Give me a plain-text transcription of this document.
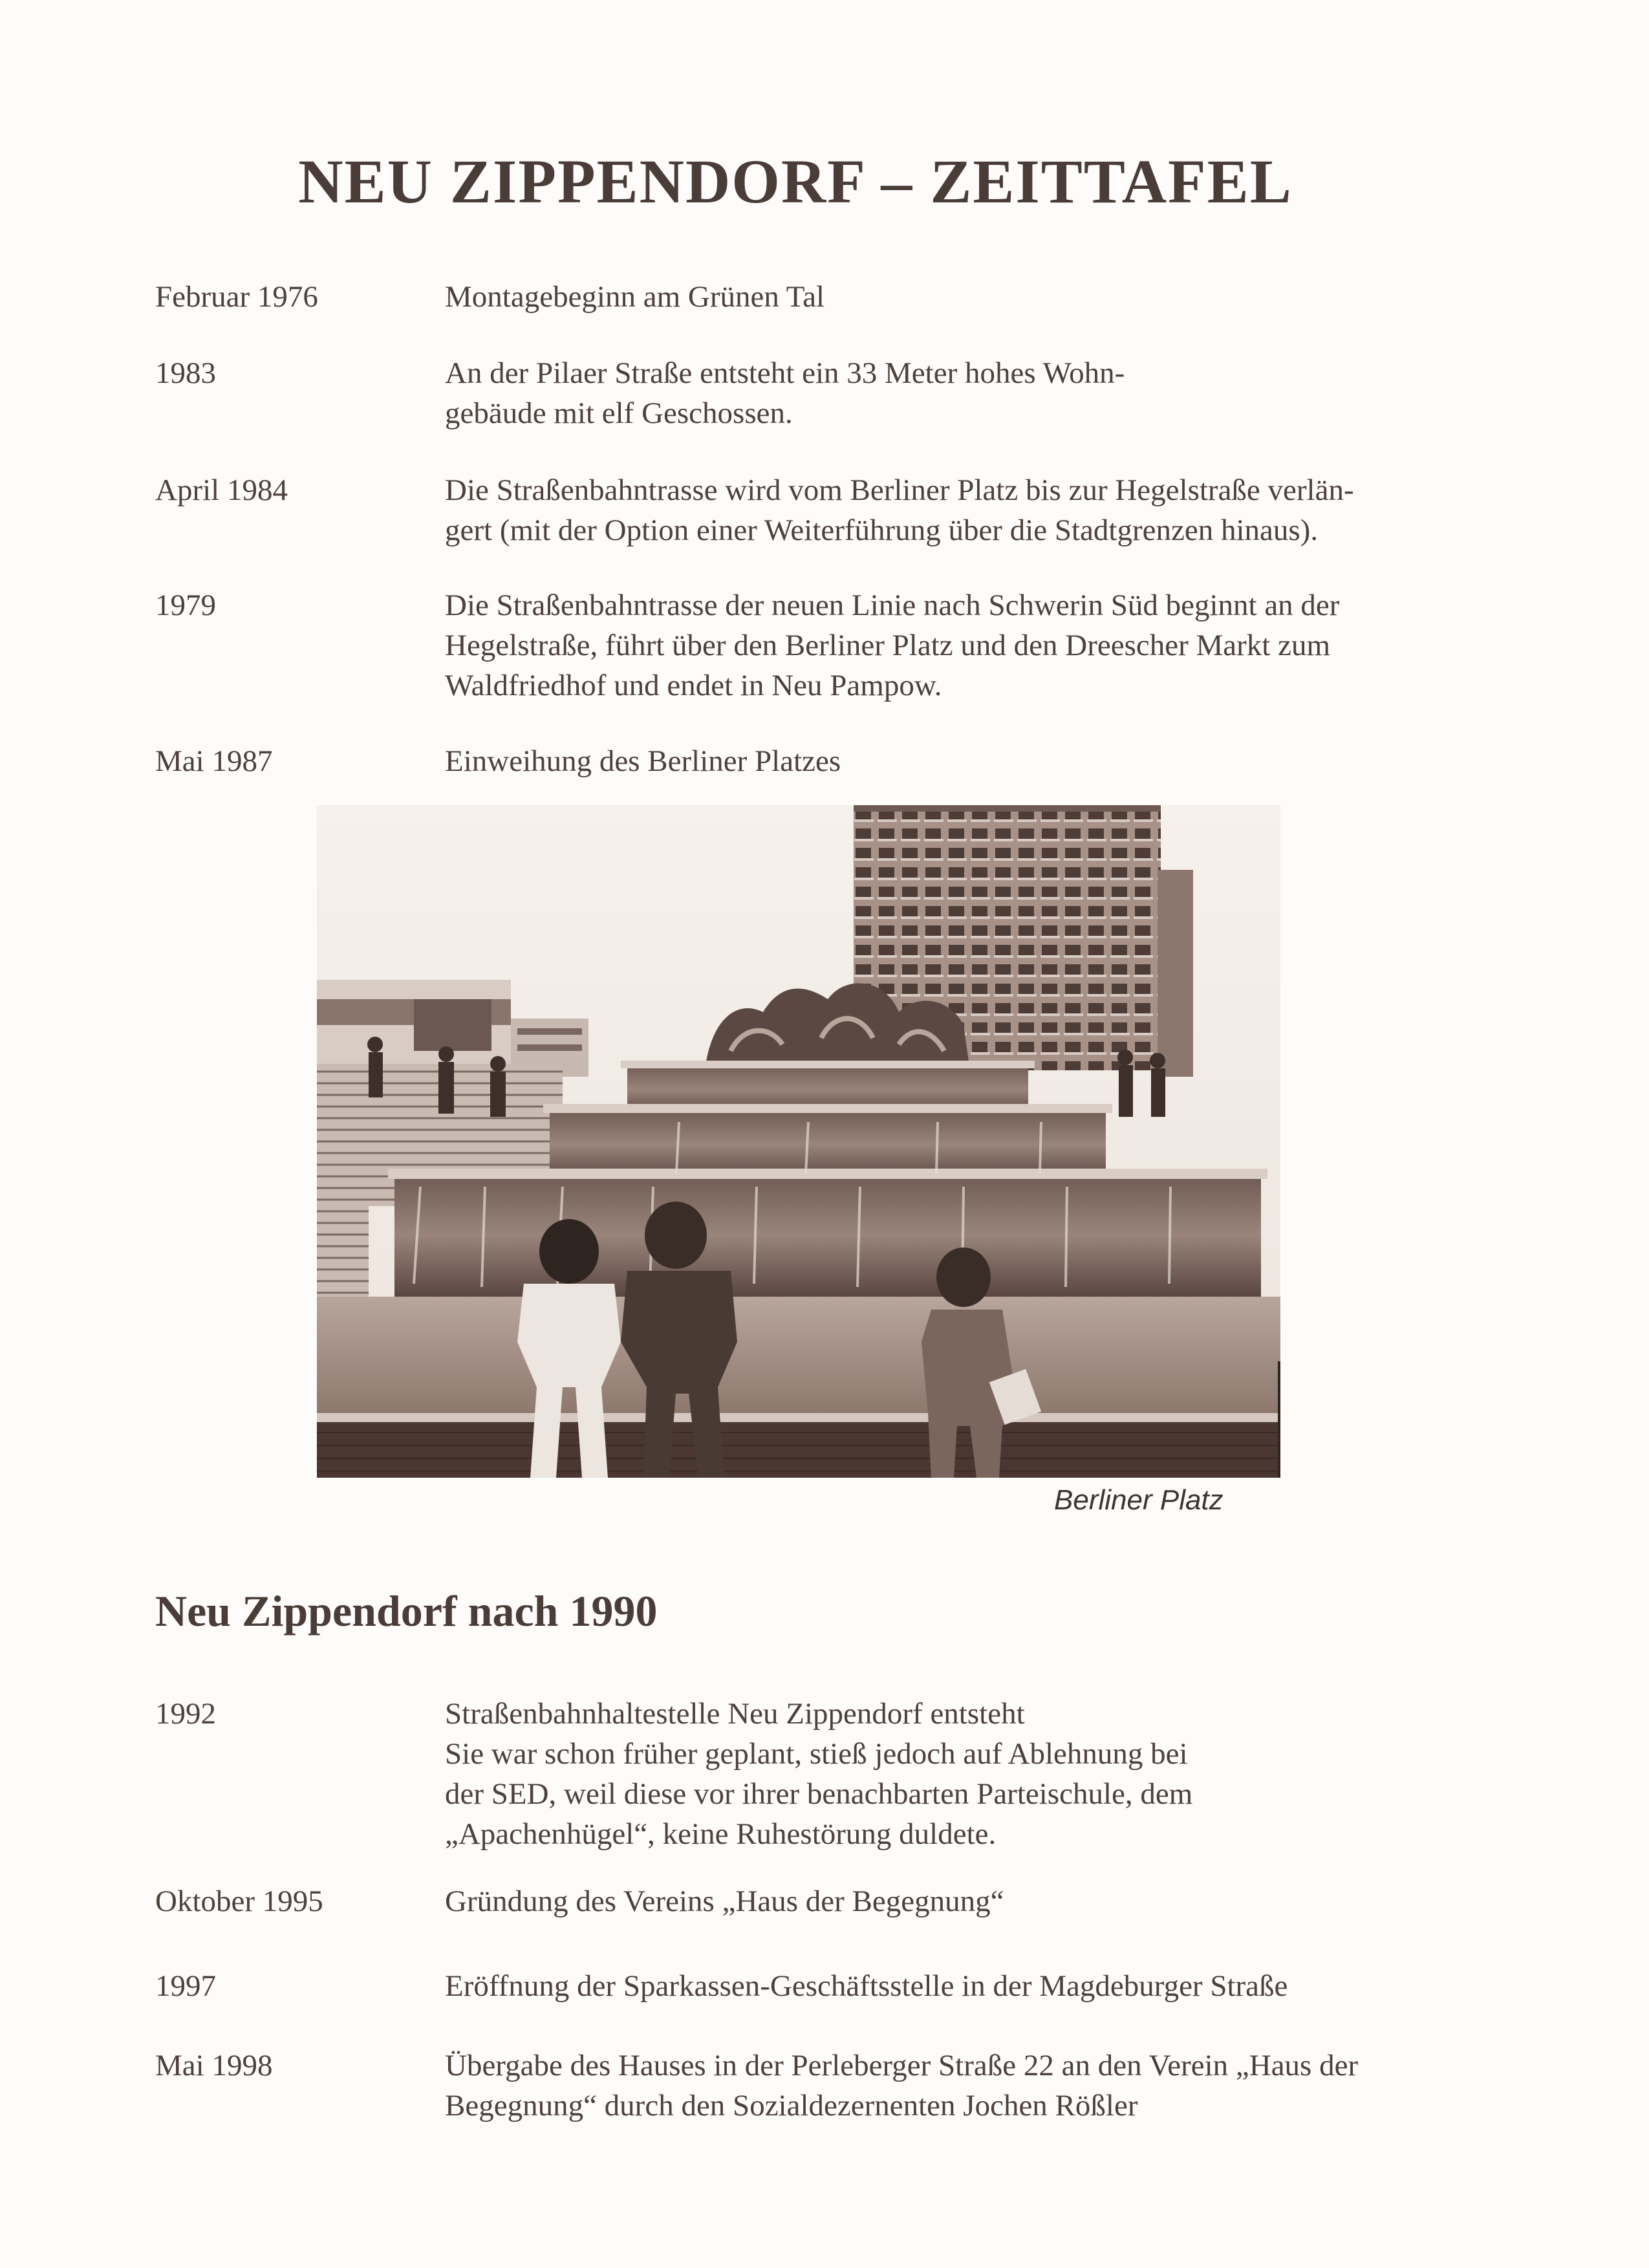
NEU ZIPPENDORF – ZEITTAFEL
Februar 1976	Montagebeginn am Grünen Tal
1983	An der Pilaer Straße entsteht ein 33 Meter hohes Wohn-
gebäude mit elf Geschossen.
April 1984	Die Straßenbahntrasse wird vom Berliner Platz bis zur Hegelstraße verlän-
gert (mit der Option einer Weiterführung über die Stadtgrenzen hinaus).
1979	Die Straßenbahntrasse der neuen Linie nach Schwerin Süd beginnt an der
Hegelstraße, führt über den Berliner Platz und den Dreescher Markt zum
Waldfriedhof und endet in Neu Pampow.
Mai 1987	Einweihung des Berliner Platzes
Berliner Platz
Neu Zippendorf nach 1990
1992	Straßenbahnhaltestelle Neu Zippendorf entsteht
Sie war schon früher geplant, stieß jedoch auf Ablehnung bei
der SED, weil diese vor ihrer benachbarten Parteischule, dem
„Apachenhügel“, keine Ruhestörung duldete.
Oktober 1995	Gründung des Vereins „Haus der Begegnung“
1997	Eröffnung der Sparkassen-Geschäftsstelle in der Magdeburger Straße
Mai 1998	Übergabe des Hauses in der Perleberger Straße 22 an den Verein „Haus der
Begegnung“ durch den Sozialdezernenten Jochen Rößler
